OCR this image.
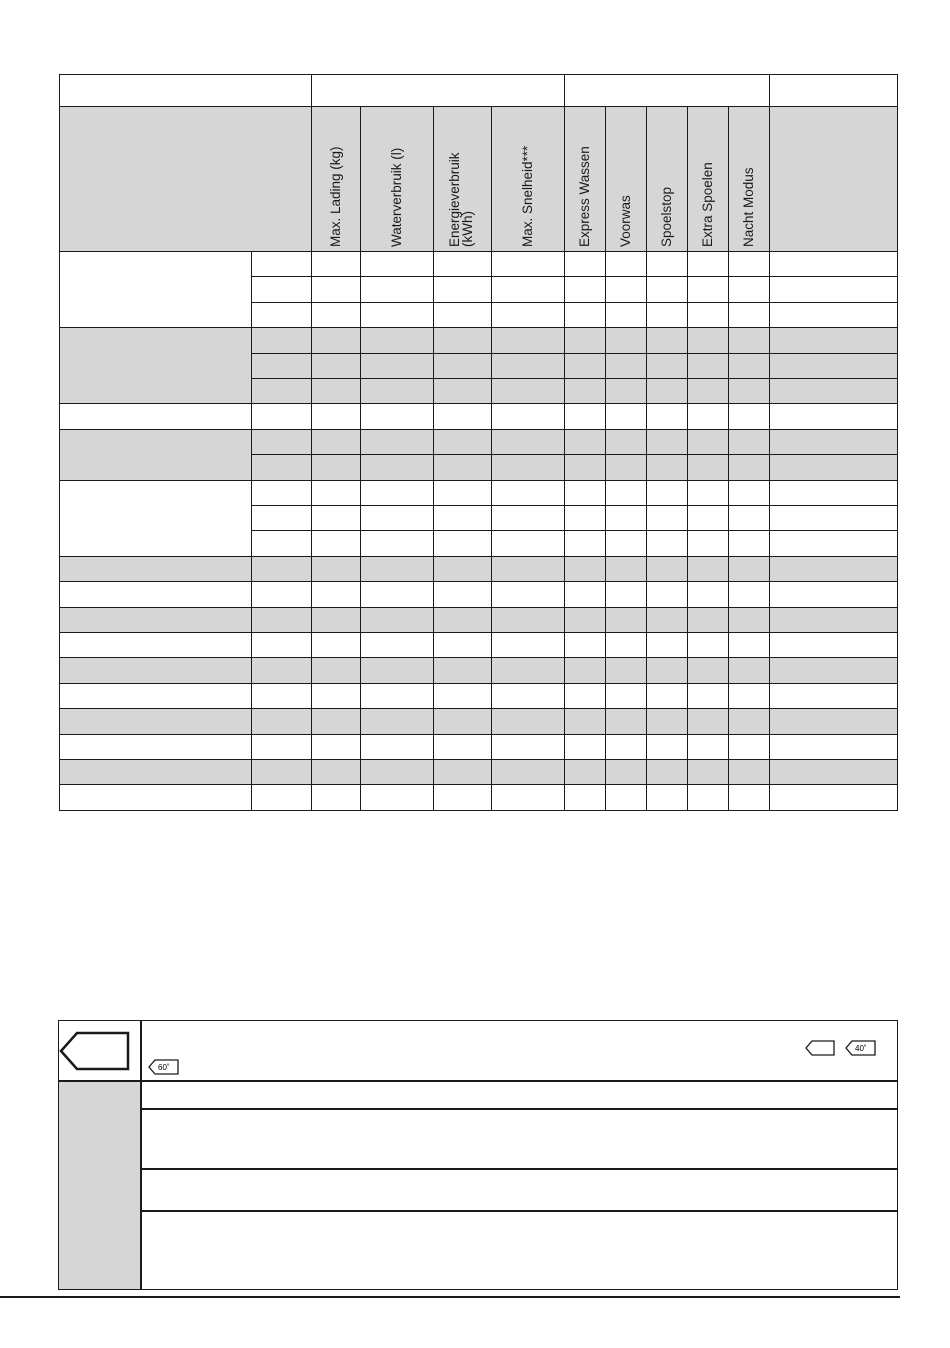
		Max. Lading (kg)	Waterverbruik (l)	Energieverbruik (kWh)	Max. Snelheid***	Express Wassen	Voorwas	Spoelstop	Extra Spoelen	Nacht Modus	

40˚
60˚
